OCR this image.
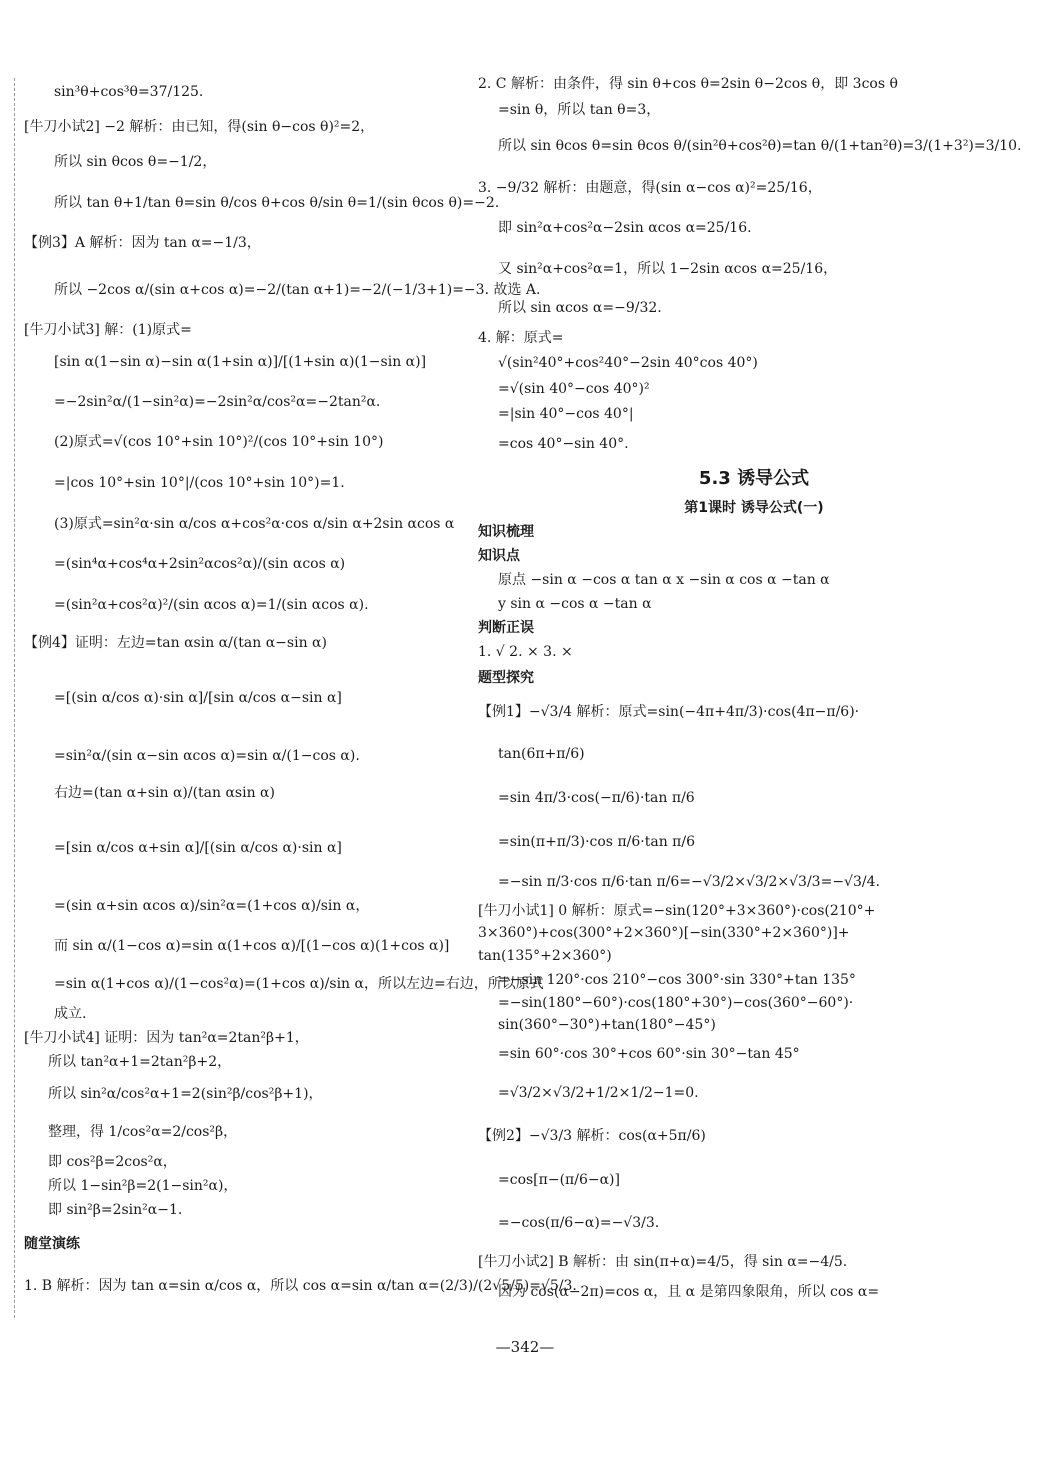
sin³θ+cos³θ=37/125.
[牛刀小试2] −2 解析：由已知，得(sin θ−cos θ)²=2，
所以 sin θcos θ=−1/2，
所以 tan θ+1/tan θ=sin θ/cos θ+cos θ/sin θ=1/(sin θcos θ)=−2.
【例3】A 解析：因为 tan α=−1/3，
所以 −2cos α/(sin α+cos α)=−2/(tan α+1)=−2/(−1/3+1)=−3. 故选 A.
[牛刀小试3] 解：(1)原式=
[sin α(1−sin α)−sin α(1+sin α)]/[(1+sin α)(1−sin α)]
=−2sin²α/(1−sin²α)=−2sin²α/cos²α=−2tan²α.
(2)原式=√(cos 10°+sin 10°)²/(cos 10°+sin 10°)
=|cos 10°+sin 10°|/(cos 10°+sin 10°)=1.
(3)原式=sin²α·sin α/cos α+cos²α·cos α/sin α+2sin αcos α
=(sin⁴α+cos⁴α+2sin²αcos²α)/(sin αcos α)
=(sin²α+cos²α)²/(sin αcos α)=1/(sin αcos α).
【例4】证明：左边=tan αsin α/(tan α−sin α)
=[(sin α/cos α)·sin α]/[sin α/cos α−sin α]
=sin²α/(sin α−sin αcos α)=sin α/(1−cos α).
右边=(tan α+sin α)/(tan αsin α)
=[sin α/cos α+sin α]/[(sin α/cos α)·sin α]
=(sin α+sin αcos α)/sin²α=(1+cos α)/sin α，
而 sin α/(1−cos α)=sin α(1+cos α)/[(1−cos α)(1+cos α)]
=sin α(1+cos α)/(1−cos²α)=(1+cos α)/sin α，所以左边=右边，所以原式
成立.
[牛刀小试4] 证明：因为 tan²α=2tan²β+1，
所以 tan²α+1=2tan²β+2，
所以 sin²α/cos²α+1=2(sin²β/cos²β+1)，
整理，得 1/cos²α=2/cos²β，
即 cos²β=2cos²α，
所以 1−sin²β=2(1−sin²α)，
即 sin²β=2sin²α−1.
随堂演练
1. B 解析：因为 tan α=sin α/cos α，所以 cos α=sin α/tan α=(2/3)/(2√5/5)=√5/3.
2. C 解析：由条件，得 sin θ+cos θ=2sin θ−2cos θ，即 3cos θ
=sin θ，所以 tan θ=3，
所以 sin θcos θ=sin θcos θ/(sin²θ+cos²θ)=tan θ/(1+tan²θ)=3/(1+3²)=3/10.
3. −9/32 解析：由题意，得(sin α−cos α)²=25/16，
即 sin²α+cos²α−2sin αcos α=25/16.
又 sin²α+cos²α=1，所以 1−2sin αcos α=25/16，
所以 sin αcos α=−9/32.
4. 解：原式=
√(sin²40°+cos²40°−2sin 40°cos 40°)
=√(sin 40°−cos 40°)²
=|sin 40°−cos 40°|
=cos 40°−sin 40°.
5.3 诱导公式
第1课时 诱导公式(一)
知识梳理
知识点
原点 −sin α −cos α tan α x −sin α cos α −tan α
y sin α −cos α −tan α
判断正误
1. √ 2. × 3. ×
题型探究
【例1】−√3/4 解析：原式=sin(−4π+4π/3)·cos(4π−π/6)·
tan(6π+π/6)
=sin 4π/3·cos(−π/6)·tan π/6
=sin(π+π/3)·cos π/6·tan π/6
=−sin π/3·cos π/6·tan π/6=−√3/2×√3/2×√3/3=−√3/4.
[牛刀小试1] 0 解析：原式=−sin(120°+3×360°)·cos(210°+
3×360°)+cos(300°+2×360°)[−sin(330°+2×360°)]+
tan(135°+2×360°)
=−sin 120°·cos 210°−cos 300°·sin 330°+tan 135°
=−sin(180°−60°)·cos(180°+30°)−cos(360°−60°)·
sin(360°−30°)+tan(180°−45°)
=sin 60°·cos 30°+cos 60°·sin 30°−tan 45°
=√3/2×√3/2+1/2×1/2−1=0.
【例2】−√3/3 解析：cos(α+5π/6)
=cos[π−(π/6−α)]
=−cos(π/6−α)=−√3/3.
[牛刀小试2] B 解析：由 sin(π+α)=4/5，得 sin α=−4/5.
因为 cos(α−2π)=cos α，且 α 是第四象限角，所以 cos α=
—342—
